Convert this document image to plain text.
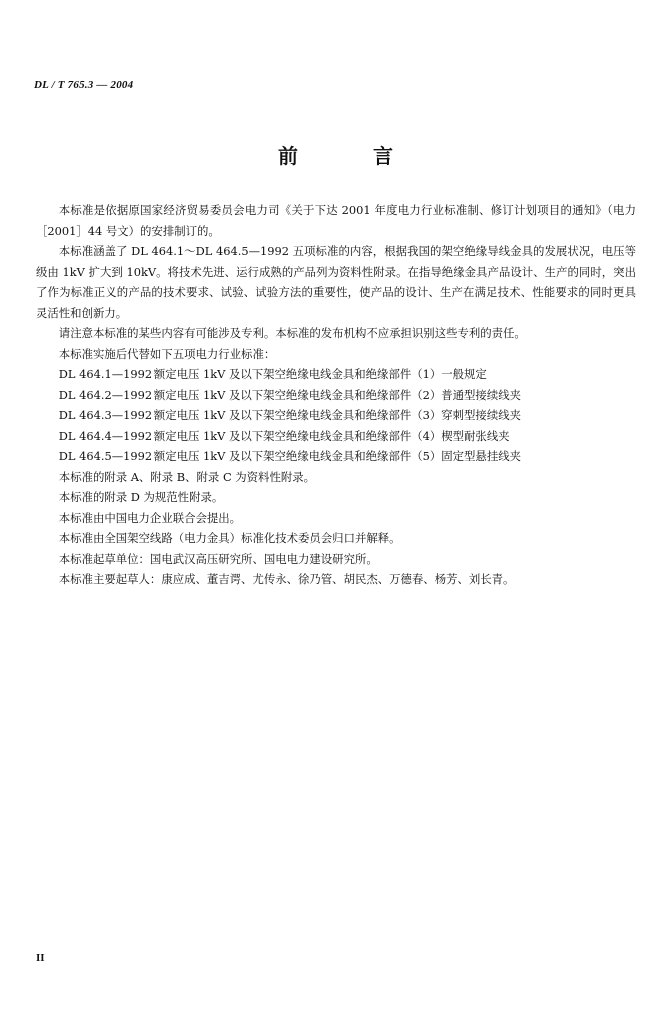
DL / T 765.3 — 2004
前 言

本标准是依据原国家经济贸易委员会电力司《关于下达 2001 年度电力行业标准制、修订计划项目的通知》（电力［2001］44 号文）的安排制订的。

本标准涵盖了 DL 464.1～DL 464.5—1992 五项标准的内容，根据我国的架空绝缘导线金具的发展状况，电压等级由 1kV 扩大到 10kV。将技术先进、运行成熟的产品列为资料性附录。在指导绝缘金具产品设计、生产的同时，突出了作为标准正义的产品的技术要求、试验、试验方法的重要性，使产品的设计、生产在满足技术、性能要求的同时更具灵活性和创新力。

请注意本标准的某些内容有可能涉及专利。本标准的发布机构不应承担识别这些专利的责任。

本标准实施后代替如下五项电力行业标准：

DL 464.1—1992 额定电压 1kV 及以下架空绝缘电线金具和绝缘部件（1）一般规定

DL 464.2—1992 额定电压 1kV 及以下架空绝缘电线金具和绝缘部件（2）普通型接续线夹

DL 464.3—1992 额定电压 1kV 及以下架空绝缘电线金具和绝缘部件（3）穿刺型接续线夹

DL 464.4—1992 额定电压 1kV 及以下架空绝缘电线金具和绝缘部件（4）楔型耐张线夹

DL 464.5—1992 额定电压 1kV 及以下架空绝缘电线金具和绝缘部件（5）固定型悬挂线夹

本标准的附录 A、附录 B、附录 C 为资料性附录。

本标准的附录 D 为规范性附录。

本标准由中国电力企业联合会提出。

本标准由全国架空线路（电力金具）标准化技术委员会归口并解释。

本标准起草单位：国电武汉高压研究所、国电电力建设研究所。

本标准主要起草人：康应成、董吉谔、尤传永、徐乃管、胡民杰、万德春、杨芳、刘长青。

II
